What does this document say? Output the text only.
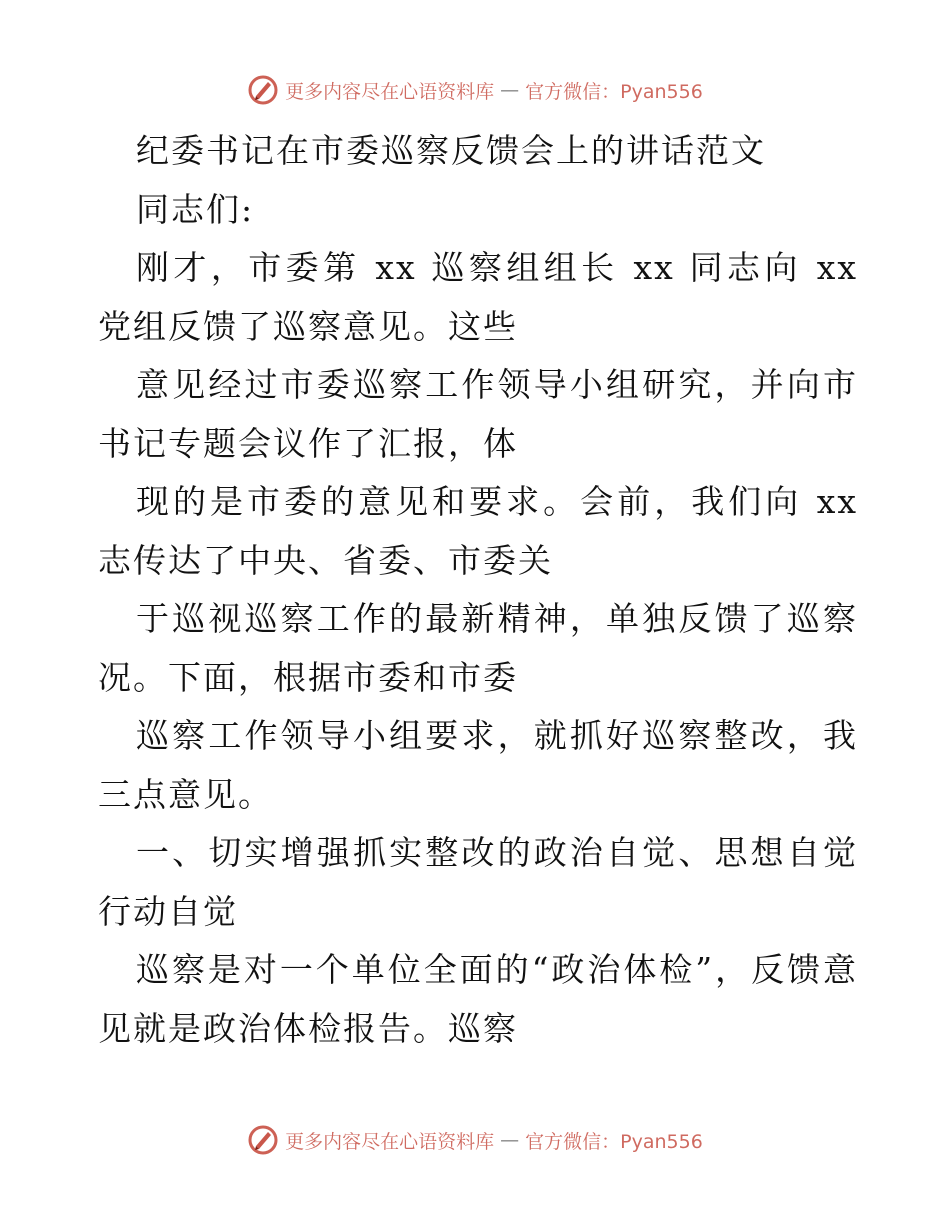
更多内容尽在心语资料库 — 官方微信：Pyan556
纪委书记在市委巡察反馈会上的讲话范文
同志们:
刚才，市委第 xx 巡察组组长 xx 同志向 xx
党组反馈了巡察意见。这些
意见经过市委巡察工作领导小组研究，并向市
书记专题会议作了汇报，体
现的是市委的意见和要求。会前，我们向 xx
志传达了中央、省委、市委关
于巡视巡察工作的最新精神，单独反馈了巡察
况。下面，根据市委和市委
巡察工作领导小组要求，就抓好巡察整改，我
三点意见。
一、切实增强抓实整改的政治自觉、思想自觉
行动自觉
巡察是对一个单位全面的“政治体检”，反馈意
见就是政治体检报告。巡察
更多内容尽在心语资料库 — 官方微信：Pyan556
